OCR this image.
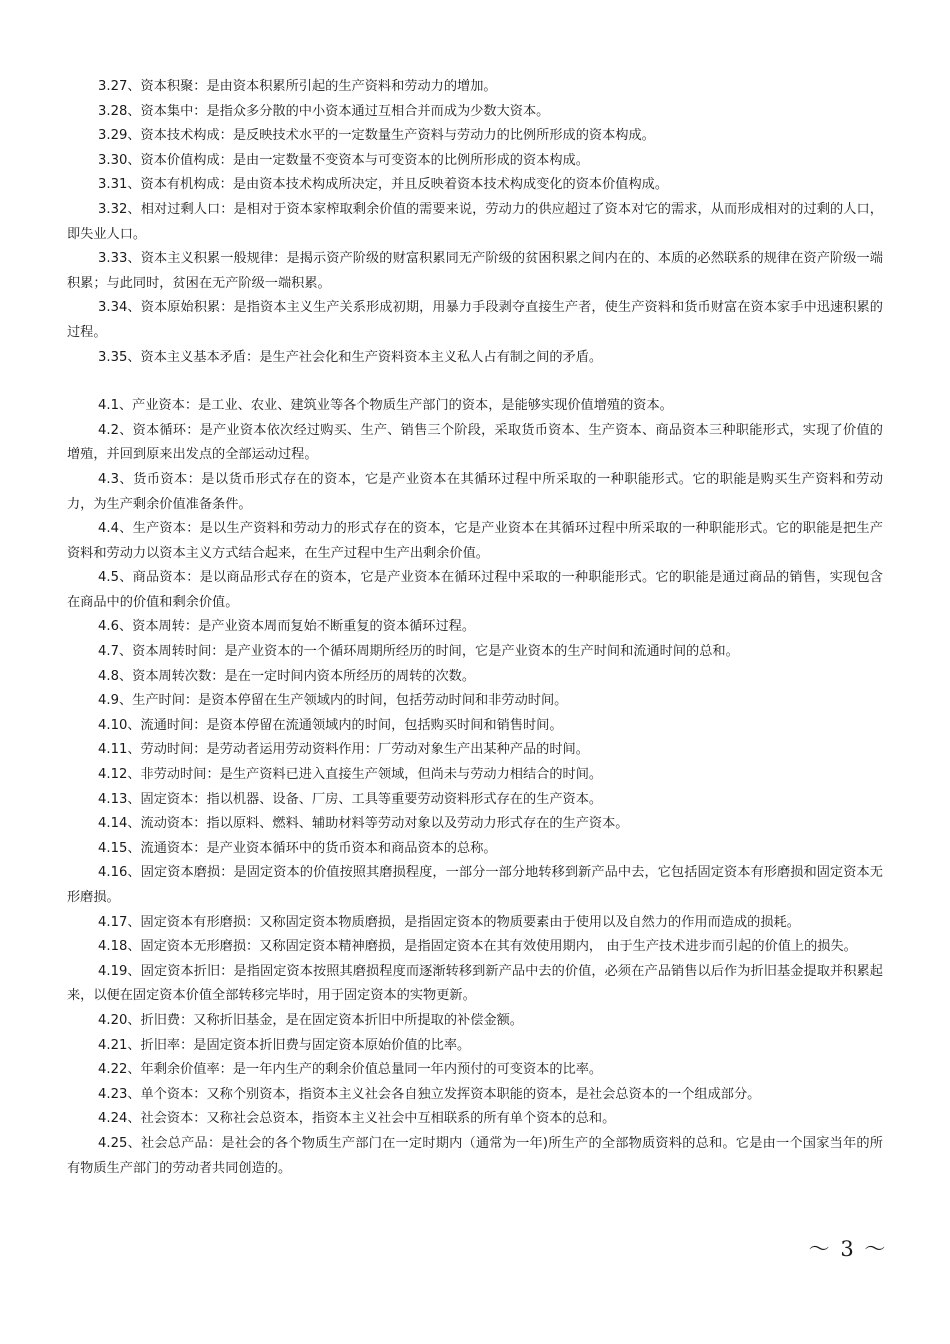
3.27、资本积聚：是由资本积累所引起的生产资料和劳动力的增加。

3.28、资本集中：是指众多分散的中小资本通过互相合并而成为少数大资本。

3.29、资本技术构成：是反映技术水平的一定数量生产资料与劳动力的比例所形成的资本构成。

3.30、资本价值构成：是由一定数量不变资本与可变资本的比例所形成的资本构成。

3.31、资本有机构成：是由资本技术构成所决定，并且反映着资本技术构成变化的资本价值构成。

3.32、相对过剩人口：是相对于资本家榨取剩余价值的需要来说，劳动力的供应超过了资本对它的需求，从而形成相对的过剩的人口，即失业人口。

3.33、资本主义积累一般规律：是揭示资产阶级的财富积累同无产阶级的贫困积累之间内在的、本质的必然联系的规律在资产阶级一端积累；与此同时，贫困在无产阶级一端积累。

3.34、资本原始积累：是指资本主义生产关系形成初期，用暴力手段剥夺直接生产者，使生产资料和货币财富在资本家手中迅速积累的过程。

3.35、资本主义基本矛盾：是生产社会化和生产资料资本主义私人占有制之间的矛盾。

4.1、产业资本：是工业、农业、建筑业等各个物质生产部门的资本，是能够实现价值增殖的资本。

4.2、资本循环：是产业资本依次经过购买、生产、销售三个阶段，采取货币资本、生产资本、商品资本三种职能形式，实现了价值的增殖，并回到原来出发点的全部运动过程。

4.3、货币资本：是以货币形式存在的资本，它是产业资本在其循环过程中所采取的一种职能形式。它的职能是购买生产资料和劳动力，为生产剩余价值准备条件。

4.4、生产资本：是以生产资料和劳动力的形式存在的资本，它是产业资本在其循环过程中所采取的一种职能形式。它的职能是把生产资料和劳动力以资本主义方式结合起来，在生产过程中生产出剩余价值。

4.5、商品资本：是以商品形式存在的资本，它是产业资本在循环过程中采取的一种职能形式。它的职能是通过商品的销售，实现包含在商品中的价值和剩余价值。

4.6、资本周转：是产业资本周而复始不断重复的资本循环过程。

4.7、资本周转时间：是产业资本的一个循环周期所经历的时间，它是产业资本的生产时间和流通时间的总和。

4.8、资本周转次数：是在一定时间内资本所经历的周转的次数。

4.9、生产时间：是资本停留在生产领域内的时间，包括劳动时间和非劳动时间。

4.10、流通时间：是资本停留在流通领域内的时间，包括购买时间和销售时间。

4.11、劳动时间：是劳动者运用劳动资料作用：厂劳动对象生产出某种产品的时间。

4.12、非劳动时间：是生产资料已进入直接生产领域，但尚未与劳动力相结合的时间。

4.13、固定资本：指以机器、设备、厂房、工具等重要劳动资料形式存在的生产资本。

4.14、流动资本：指以原料、燃料、辅助材料等劳动对象以及劳动力形式存在的生产资本。

4.15、流通资本：是产业资本循环中的货币资本和商品资本的总称。

4.16、固定资本磨损：是固定资本的价值按照其磨损程度，一部分一部分地转移到新产品中去，它包括固定资本有形磨损和固定资本无形磨损。

4.17、固定资本有形磨损：又称固定资本物质磨损，是指固定资本的物质要素由于使用以及自然力的作用而造成的损耗。

4.18、固定资本无形磨损：又称固定资本精神磨损，是指固定资本在其有效使用期内， 由于生产技术进步而引起的价值上的损失。

4.19、固定资本折旧：是指固定资本按照其磨损程度而逐渐转移到新产品中去的价值，必须在产品销售以后作为折旧基金提取并积累起来，以便在固定资本价值全部转移完毕时，用于固定资本的实物更新。

4.20、折旧费：又称折旧基金，是在固定资本折旧中所提取的补偿金额。

4.21、折旧率：是固定资本折旧费与固定资本原始价值的比率。

4.22、年剩余价值率：是一年内生产的剩余价值总量同一年内预付的可变资本的比率。

4.23、单个资本：又称个别资本，指资本主义社会各自独立发挥资本职能的资本，是社会总资本的一个组成部分。

4.24、社会资本：又称社会总资本，指资本主义社会中互相联系的所有单个资本的总和。

4.25、社会总产品：是社会的各个物质生产部门在一定时期内（通常为一年)所生产的全部物质资料的总和。它是由一个国家当年的所有物质生产部门的劳动者共同创造的。

～ 3 ～
